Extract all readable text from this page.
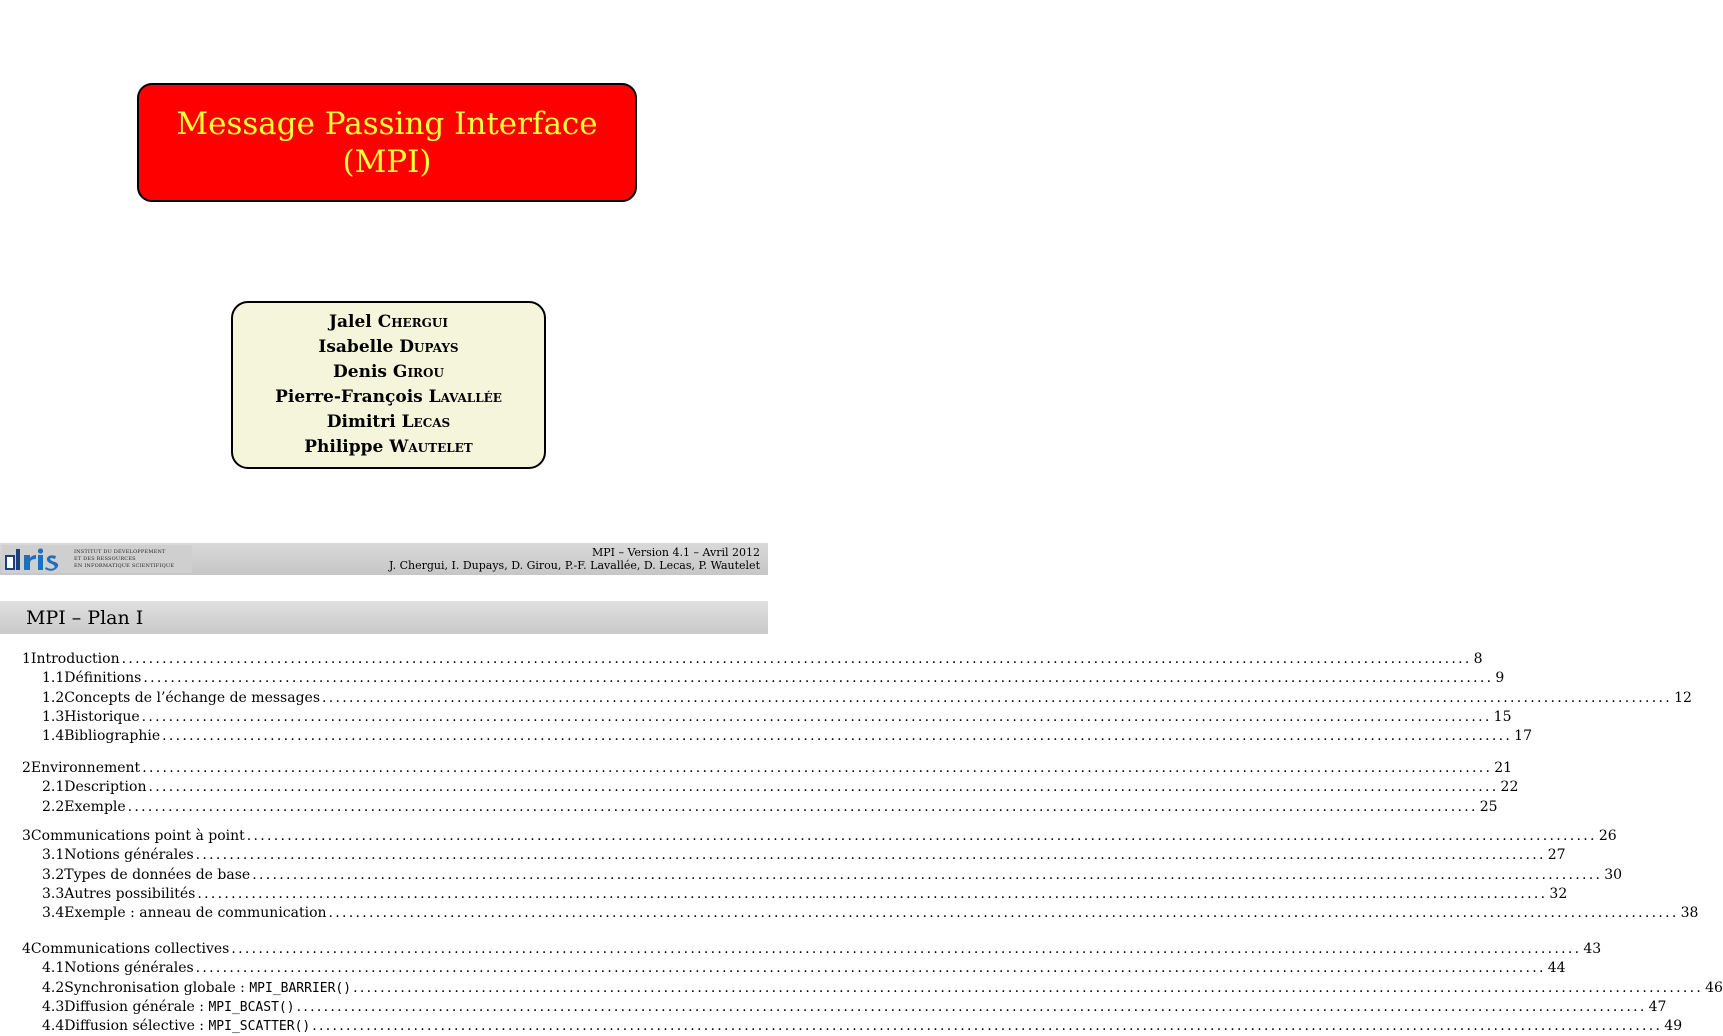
Message Passing Interface
(MPI)
Jalel Chergui
Isabelle Dupays
Denis Girou
Pierre-François Lavallée
Dimitri Lecas
Philippe Wautelet
INSTITUT DU DÉVELOPPEMENT
ET DES RESSOURCES
EN INFORMATIQUE SCIENTIFIQUE
MPI – Version 4.1 – Avril 2012
J. Chergui, I. Dupays, D. Girou, P.-F. Lavallée, D. Lecas, P. Wautelet
MPI – Plan I
1 Introduction ........................................................................................................................................................................................................ 8
1.1 Définitions ........................................................................................................................................................................................................ 9
1.2 Concepts de l’échange de messages ........................................................................................................................................................................................................ 12
1.3 Historique ........................................................................................................................................................................................................ 15
1.4 Bibliographie ........................................................................................................................................................................................................ 17
2 Environnement ........................................................................................................................................................................................................ 21
2.1 Description ........................................................................................................................................................................................................ 22
2.2 Exemple ........................................................................................................................................................................................................ 25
3 Communications point à point ........................................................................................................................................................................................................ 26
3.1 Notions générales ........................................................................................................................................................................................................ 27
3.2 Types de données de base ........................................................................................................................................................................................................ 30
3.3 Autres possibilités ........................................................................................................................................................................................................ 32
3.4 Exemple : anneau de communication ........................................................................................................................................................................................................ 38
4 Communications collectives ........................................................................................................................................................................................................ 43
4.1 Notions générales ........................................................................................................................................................................................................ 44
4.2 Synchronisation globale : MPI_BARRIER() ........................................................................................................................................................................................................ 46
4.3 Diffusion générale : MPI_BCAST() ........................................................................................................................................................................................................ 47
4.4 Diffusion sélective : MPI_SCATTER() ........................................................................................................................................................................................................ 49
